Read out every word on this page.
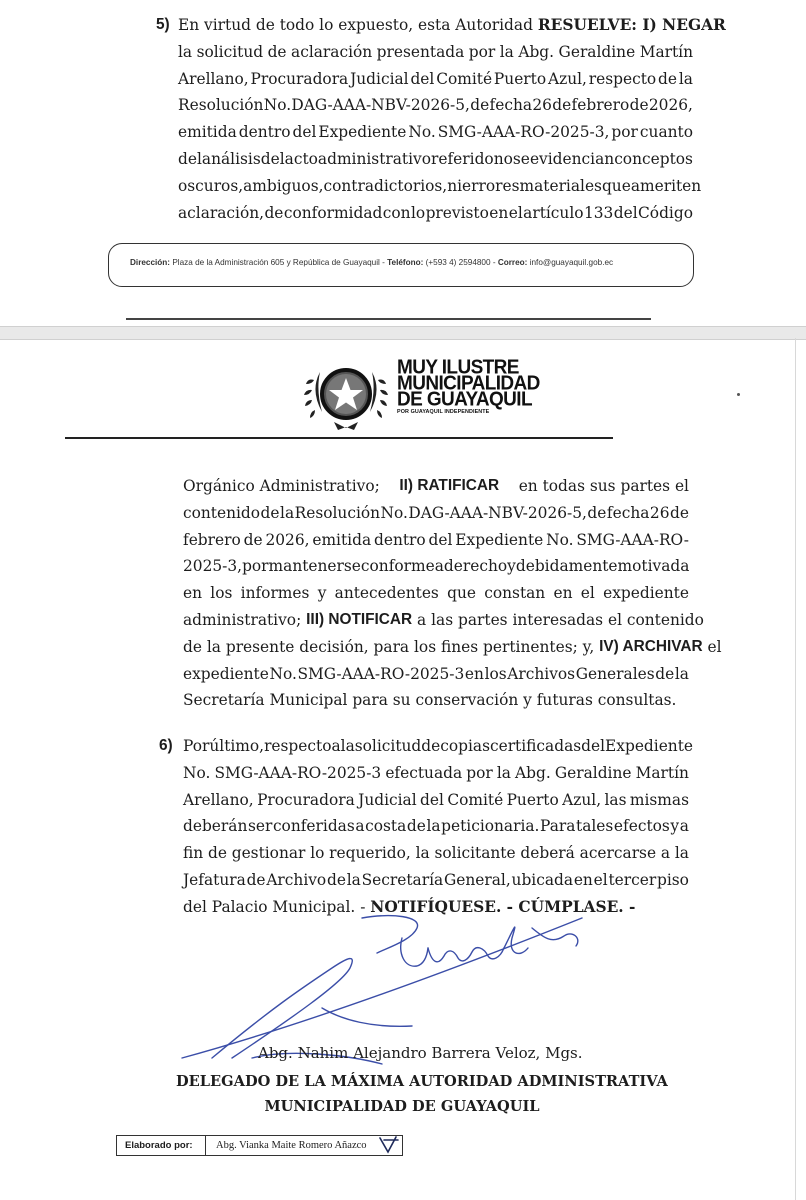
5) En virtud de todo lo expuesto, esta Autoridad RESUELVE: I) NEGAR
la solicitud de aclaración presentada por la Abg. Geraldine Martín
Arellano, Procuradora Judicial del Comité Puerto Azul, respecto de la
Resolución No. DAG-AAA-NBV-2026-5, de fecha 26 de febrero de 2026,
emitida dentro del Expediente No. SMG-AAA-RO-2025-3, por cuanto
del análisis del acto administrativo referido no se evidencian conceptos
oscuros, ambiguos, contradictorios, ni errores materiales que ameriten
aclaración, de conformidad con lo previsto en el artículo 133 del Código
Dirección: Plaza de la Administración 605 y República de Guayaquil - Teléfono: (+593 4) 2594800 - Correo: info@guayaquil.gob.ec
MUY ILUSTRE
MUNICIPALIDAD
DE GUAYAQUIL
POR GUAYAQUIL INDEPENDIENTE
Orgánico Administrativo; II) RATIFICAR en todas sus partes el
contenido de la Resolución No. DAG-AAA-NBV-2026-5, de fecha 26 de
febrero de 2026, emitida dentro del Expediente No. SMG-AAA-RO-
2025-3, por mantenerse conforme a derecho y debidamente motivada
en los informes y antecedentes que constan en el expediente
administrativo; III) NOTIFICAR a las partes interesadas el contenido
de la presente decisión, para los fines pertinentes; y, IV) ARCHIVAR el
expediente No. SMG-AAA-RO-2025-3 en los Archivos Generales de la
Secretaría Municipal para su conservación y futuras consultas.
6) Por último, respecto a la solicitud de copias certificadas del Expediente
No. SMG-AAA-RO-2025-3 efectuada por la Abg. Geraldine Martín
Arellano, Procuradora Judicial del Comité Puerto Azul, las mismas
deberán ser conferidas a costa de la peticionaria. Para tales efectos y a
fin de gestionar lo requerido, la solicitante deberá acercarse a la
Jefatura de Archivo de la Secretaría General, ubicada en el tercer piso
del Palacio Municipal. - NOTIFÍQUESE. - CÚMPLASE. -
Abg. Nahim Alejandro Barrera Veloz, Mgs.
DELEGADO DE LA MÁXIMA AUTORIDAD ADMINISTRATIVA
MUNICIPALIDAD DE GUAYAQUIL
Elaborado por:	Abg. Vianka Maite Romero Añazco
